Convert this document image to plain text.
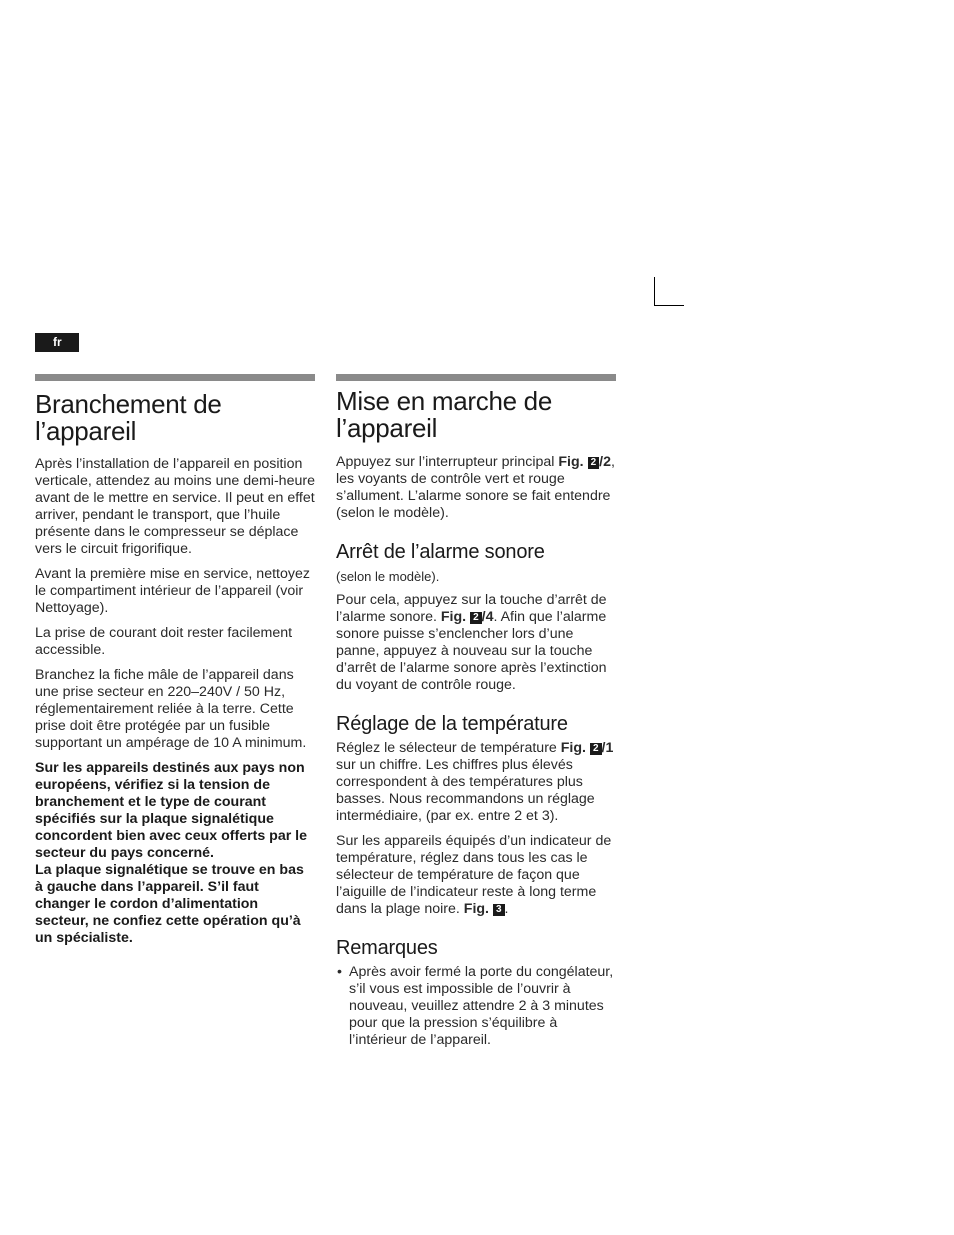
fr
Branchement de l’appareil

Après l’installation de l’appareil en position verticale, attendez au moins une demi-heure avant de le mettre en service. Il peut en effet arriver, pendant le transport, que l’huile présente dans le compresseur se déplace vers le circuit frigorifique.

Avant la première mise en service, nettoyez le compartiment intérieur de l’appareil (voir Nettoyage).

La prise de courant doit rester facilement accessible.

Branchez la fiche mâle de l’appareil dans une prise secteur en 220–240V / 50 Hz, réglementairement reliée à la terre. Cette prise doit être protégée par un fusible supportant un ampérage de 10 A minimum.

Sur les appareils destinés aux pays non européens, vérifiez si la tension de branchement et le type de courant spécifiés sur la plaque signalétique concordent bien avec ceux offerts par le secteur du pays concerné.

La plaque signalétique se trouve en bas à gauche dans l’appareil. S’il faut changer le cordon d’alimentation secteur, ne confiez cette opération qu’à un spécialiste.

Mise en marche de l’appareil

Appuyez sur l’interrupteur principal Fig. 2 /2, les voyants de contrôle vert et rouge s’allument. L’alarme sonore se fait entendre (selon le modèle).

Arrêt de l’alarme sonore

(selon le modèle).

Pour cela, appuyez sur la touche d’arrêt de l’alarme sonore. Fig. 2 /4. Afin que l’alarme sonore puisse s’enclencher lors d’une panne, appuyez à nouveau sur la touche d’arrêt de l’alarme sonore après l’extinction du voyant de contrôle rouge.

Réglage de la température

Réglez le sélecteur de température Fig. 2 /1 sur un chiffre. Les chiffres plus élevés correspondent à des températures plus basses. Nous recommandons un réglage intermédiaire, (par ex. entre 2 et 3).

Sur les appareils équipés d’un indicateur de température, réglez dans tous les cas le sélecteur de température de façon que l’aiguille de l’indicateur reste à long terme dans la plage noire. Fig. 3 .

Remarques
• Après avoir fermé la porte du congélateur, s’il vous est impossible de l’ouvrir à nouveau, veuillez attendre 2 à 3 minutes pour que la pression s’équilibre à l’intérieur de l’appareil.
